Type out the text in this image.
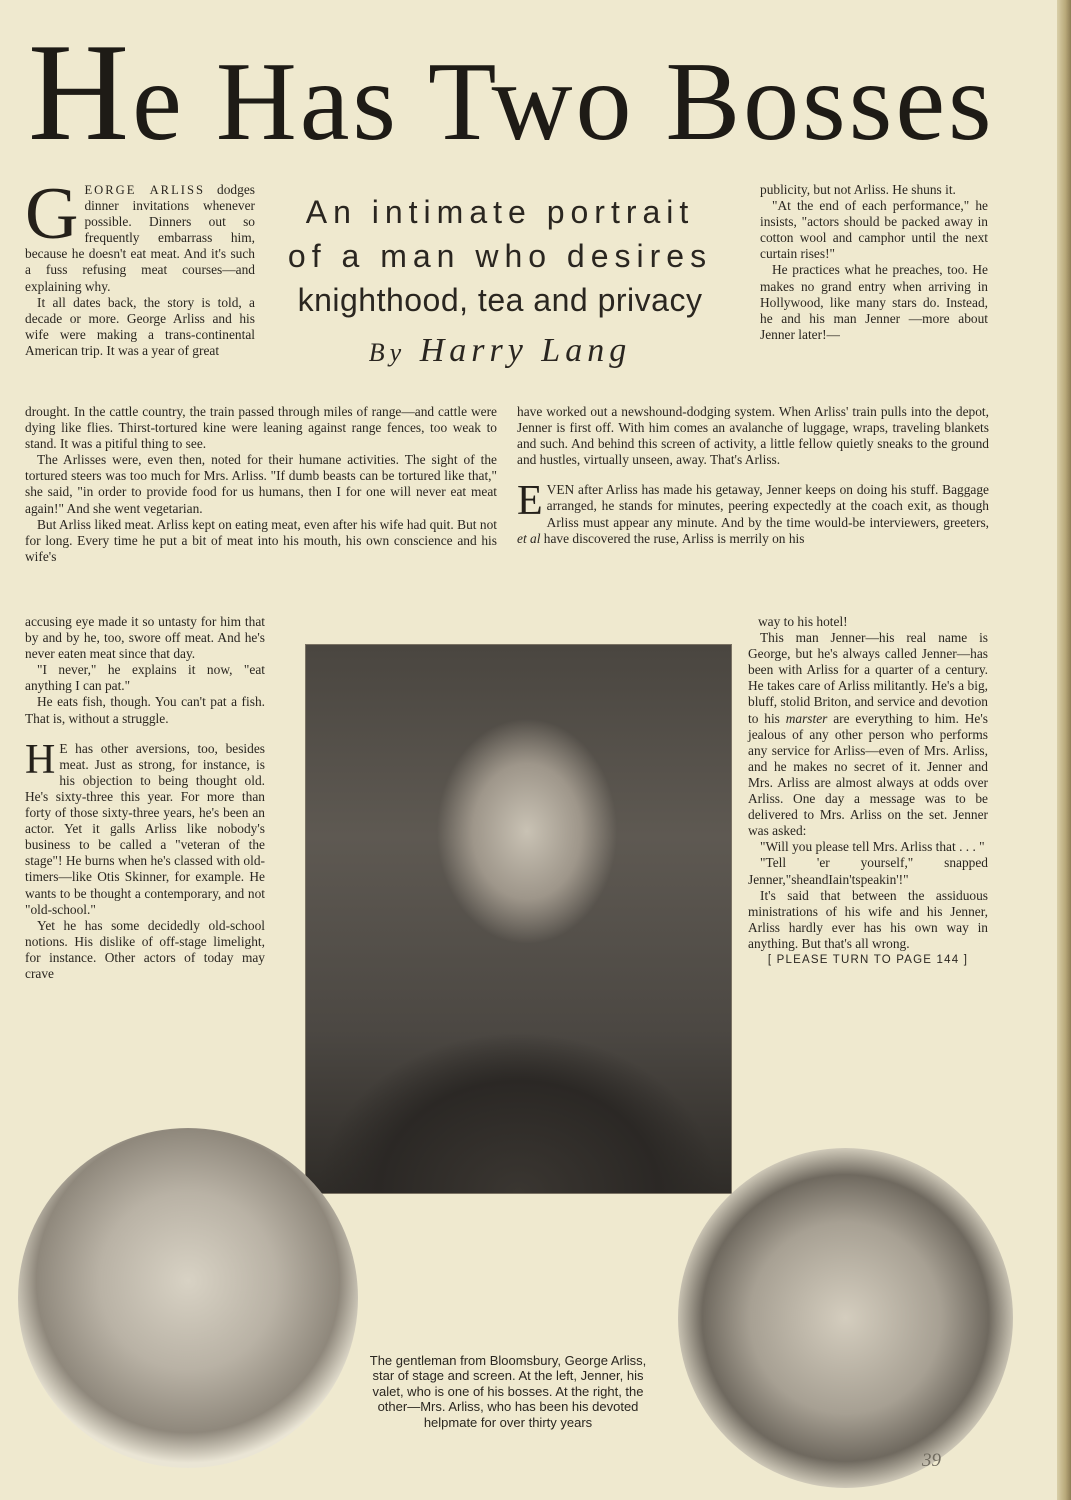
He Has Two Bosses

GEORGE ARLISS dodges dinner invitations whenever possible. Dinners out so frequently embarrass him, because he doesn't eat meat. And it's such a fuss refusing meat courses—and explaining why.

It all dates back, the story is told, a decade or more. George Arliss and his wife were making a trans-continental American trip. It was a year of great

An intimate portrait
of a man who desires
knighthood, tea and privacy
By Harry Lang

publicity, but not Arliss. He shuns it.

"At the end of each performance," he insists, "actors should be packed away in cotton wool and camphor until the next curtain rises!"

He practices what he preaches, too. He makes no grand entry when arriving in Hollywood, like many stars do. Instead, he and his man Jenner —more about Jenner later!—

drought. In the cattle country, the train passed through miles of range—and cattle were dying like flies. Thirst-tortured kine were leaning against range fences, too weak to stand. It was a pitiful thing to see.

The Arlisses were, even then, noted for their humane activities. The sight of the tortured steers was too much for Mrs. Arliss. "If dumb beasts can be tortured like that," she said, "in order to provide food for us humans, then I for one will never eat meat again!" And she went vegetarian.

But Arliss liked meat. Arliss kept on eating meat, even after his wife had quit. But not for long. Every time he put a bit of meat into his mouth, his own conscience and his wife's

have worked out a newshound-dodging system. When Arliss' train pulls into the depot, Jenner is first off. With him comes an avalanche of luggage, wraps, traveling blankets and such. And behind this screen of activity, a little fellow quietly sneaks to the ground and hustles, virtually unseen, away. That's Arliss.

EVEN after Arliss has made his getaway, Jenner keeps on doing his stuff. Baggage arranged, he stands for minutes, peering expectedly at the coach exit, as though Arliss must appear any minute. And by the time would-be interviewers, greeters, et al have discovered the ruse, Arliss is merrily on his

accusing eye made it so untasty for him that by and by he, too, swore off meat. And he's never eaten meat since that day.

"I never," he explains it now, "eat anything I can pat."

He eats fish, though. You can't pat a fish. That is, without a struggle.

H E has other aversions, too, besides meat. Just as strong, for instance, is his objection to being thought old. He's sixty-three this year. For more than forty of those sixty-three years, he's been an actor. Yet it galls Arliss like nobody's business to be called a "veteran of the stage"! He burns when he's classed with old-timers—like Otis Skinner, for example. He wants to be thought a contemporary, and not "old-school."

Yet he has some decidedly old-school notions. His dislike of off-stage limelight, for instance. Other actors of today may crave

way to his hotel!

This man Jenner—his real name is George, but he's always called Jenner—has been with Arliss for a quarter of a century. He takes care of Arliss militantly. He's a big, bluff, stolid Briton, and service and devotion to his marster are everything to him. He's jealous of any other person who performs any service for Arliss—even of Mrs. Arliss, and he makes no secret of it. Jenner and Mrs. Arliss are almost always at odds over Arliss. One day a message was to be delivered to Mrs. Arliss on the set. Jenner was asked:

"Will you please tell Mrs. Arliss that . . . "

"Tell 'er yourself," snapped Jenner,"sheandIain'tspeakin'!"

It's said that between the assiduous ministrations of his wife and his Jenner, Arliss hardly ever has his own way in anything. But that's all wrong.

[ PLEASE TURN TO PAGE 144 ]
The gentleman from Bloomsbury, George Arliss, star of stage and screen. At the left, Jenner, his valet, who is one of his bosses. At the right, the other—Mrs. Arliss, who has been his devoted helpmate for over thirty years
39
